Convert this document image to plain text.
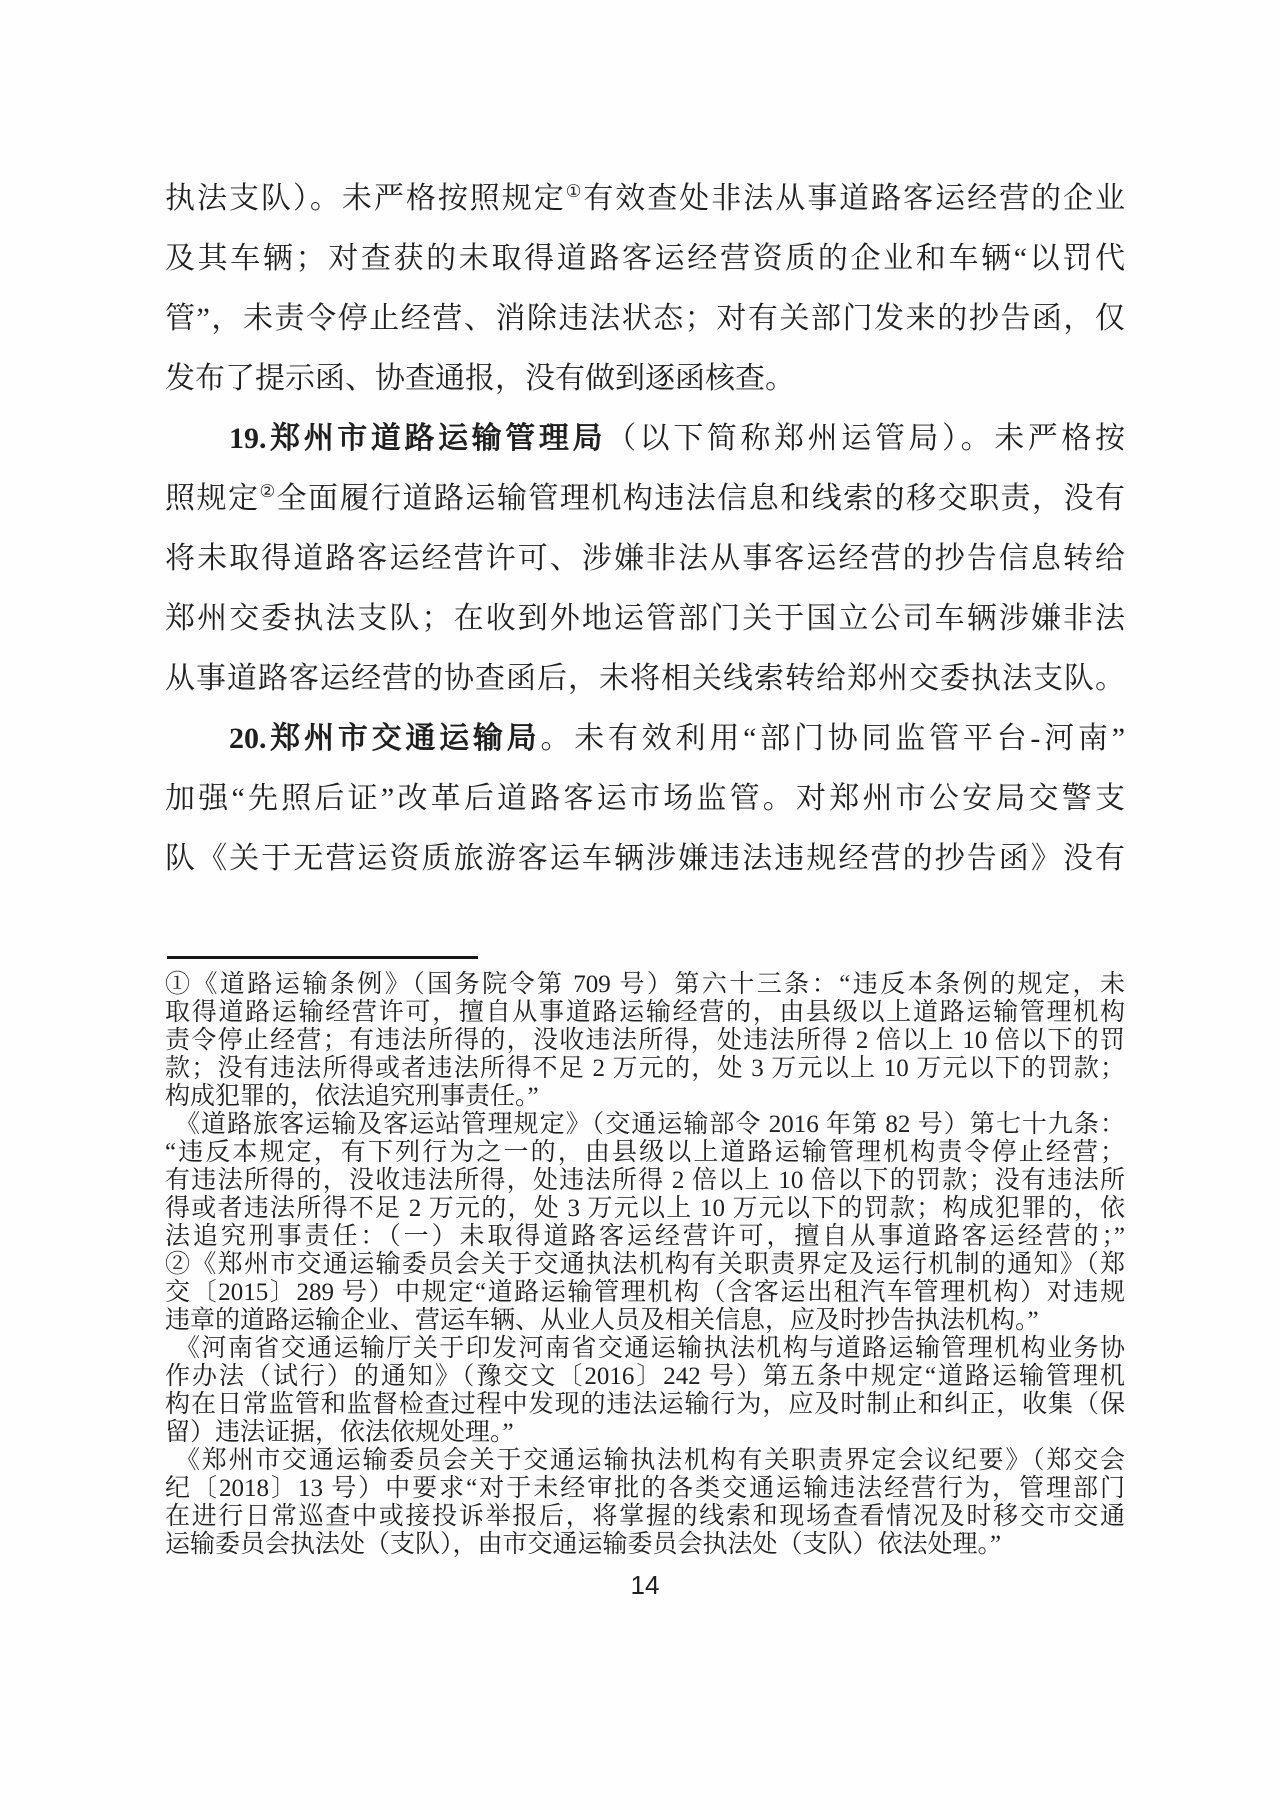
执法支队）。未严格按照规定①有效查处非法从事道路客运经营的企业
及其车辆；对查获的未取得道路客运经营资质的企业和车辆“以罚代
管”，未责令停止经营、消除违法状态；对有关部门发来的抄告函，仅
发布了提示函、协查通报，没有做到逐函核查。
19.郑州市道路运输管理局（以下简称郑州运管局）。未严格按
照规定②全面履行道路运输管理机构违法信息和线索的移交职责，没有
将未取得道路客运经营许可、涉嫌非法从事客运经营的抄告信息转给
郑州交委执法支队；在收到外地运管部门关于国立公司车辆涉嫌非法
从事道路客运经营的协查函后，未将相关线索转给郑州交委执法支队。
20.郑州市交通运输局。未有效利用“部门协同监管平台-河南”
加强“先照后证”改革后道路客运市场监管。对郑州市公安局交警支
队《关于无营运资质旅游客运车辆涉嫌违法违规经营的抄告函》没有
①《道路运输条例》（国务院令第 709 号）第六十三条：“违反本条例的规定，未
取得道路运输经营许可，擅自从事道路运输经营的，由县级以上道路运输管理机构
责令停止经营；有违法所得的，没收违法所得，处违法所得 2 倍以上 10 倍以下的罚
款；没有违法所得或者违法所得不足 2 万元的，处 3 万元以上 10 万元以下的罚款；
构成犯罪的，依法追究刑事责任。”
《道路旅客运输及客运站管理规定》（交通运输部令 2016 年第 82 号）第七十九条：
“违反本规定，有下列行为之一的，由县级以上道路运输管理机构责令停止经营；
有违法所得的，没收违法所得，处违法所得 2 倍以上 10 倍以下的罚款；没有违法所
得或者违法所得不足 2 万元的，处 3 万元以上 10 万元以下的罚款；构成犯罪的，依
法追究刑事责任：（一）未取得道路客运经营许可，擅自从事道路客运经营的；”
②《郑州市交通运输委员会关于交通执法机构有关职责界定及运行机制的通知》（郑
交〔2015〕289 号）中规定“道路运输管理机构（含客运出租汽车管理机构）对违规
违章的道路运输企业、营运车辆、从业人员及相关信息，应及时抄告执法机构。”
《河南省交通运输厅关于印发河南省交通运输执法机构与道路运输管理机构业务协
作办法（试行）的通知》（豫交文〔2016〕242 号）第五条中规定“道路运输管理机
构在日常监管和监督检查过程中发现的违法运输行为，应及时制止和纠正，收集（保
留）违法证据，依法依规处理。”
《郑州市交通运输委员会关于交通运输执法机构有关职责界定会议纪要》（郑交会
纪〔2018〕13 号）中要求“对于未经审批的各类交通运输违法经营行为，管理部门
在进行日常巡查中或接投诉举报后，将掌握的线索和现场查看情况及时移交市交通
运输委员会执法处（支队），由市交通运输委员会执法处（支队）依法处理。”
14
